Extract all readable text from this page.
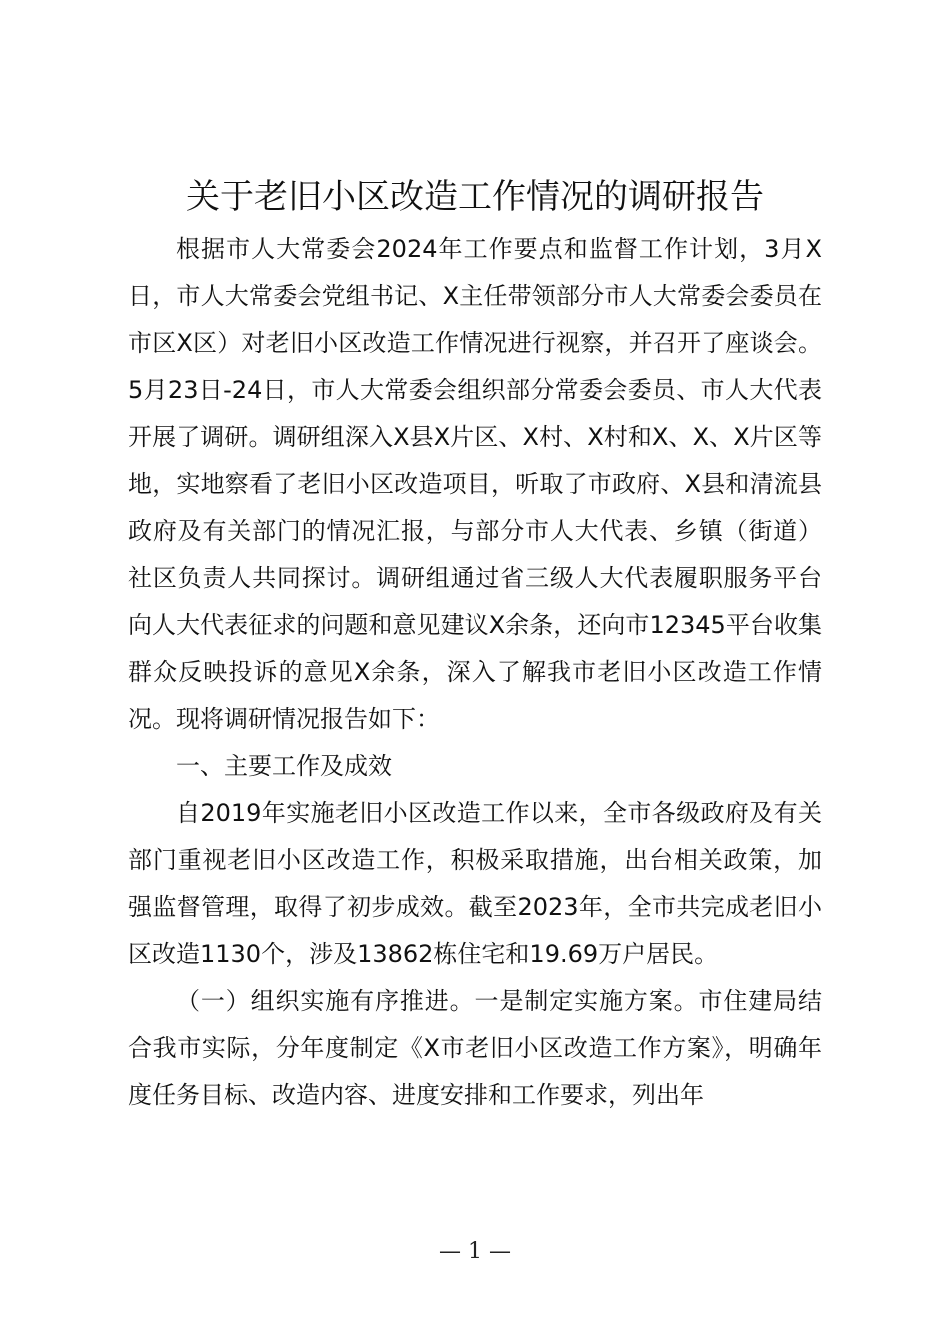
关于老旧小区改造工作情况的调研报告

根据市人大常委会2024年工作要点和监督工作计划，3月X日，市人大常委会党组书记、X主任带领部分市人大常委会委员在市区X区）对老旧小区改造工作情况进行视察，并召开了座谈会。5月23日-24日，市人大常委会组织部分常委会委员、市人大代表开展了调研。调研组深入X县X片区、X村、X村和X、X、X片区等地，实地察看了老旧小区改造项目，听取了市政府、X县和清流县政府及有关部门的情况汇报，与部分市人大代表、乡镇（街道）社区负责人共同探讨。调研组通过省三级人大代表履职服务平台向人大代表征求的问题和意见建议X余条，还向市12345平台收集群众反映投诉的意见X余条，深入了解我市老旧小区改造工作情况。现将调研情况报告如下：

一、主要工作及成效

自2019年实施老旧小区改造工作以来，全市各级政府及有关部门重视老旧小区改造工作，积极采取措施，出台相关政策，加强监督管理，取得了初步成效。截至2023年，全市共完成老旧小区改造1130个，涉及13862栋住宅和19.69万户居民。

（一）组织实施有序推进。一是制定实施方案。市住建局结合我市实际，分年度制定《X市老旧小区改造工作方案》，明确年度任务目标、改造内容、进度安排和工作要求，列出年

— 1 —
